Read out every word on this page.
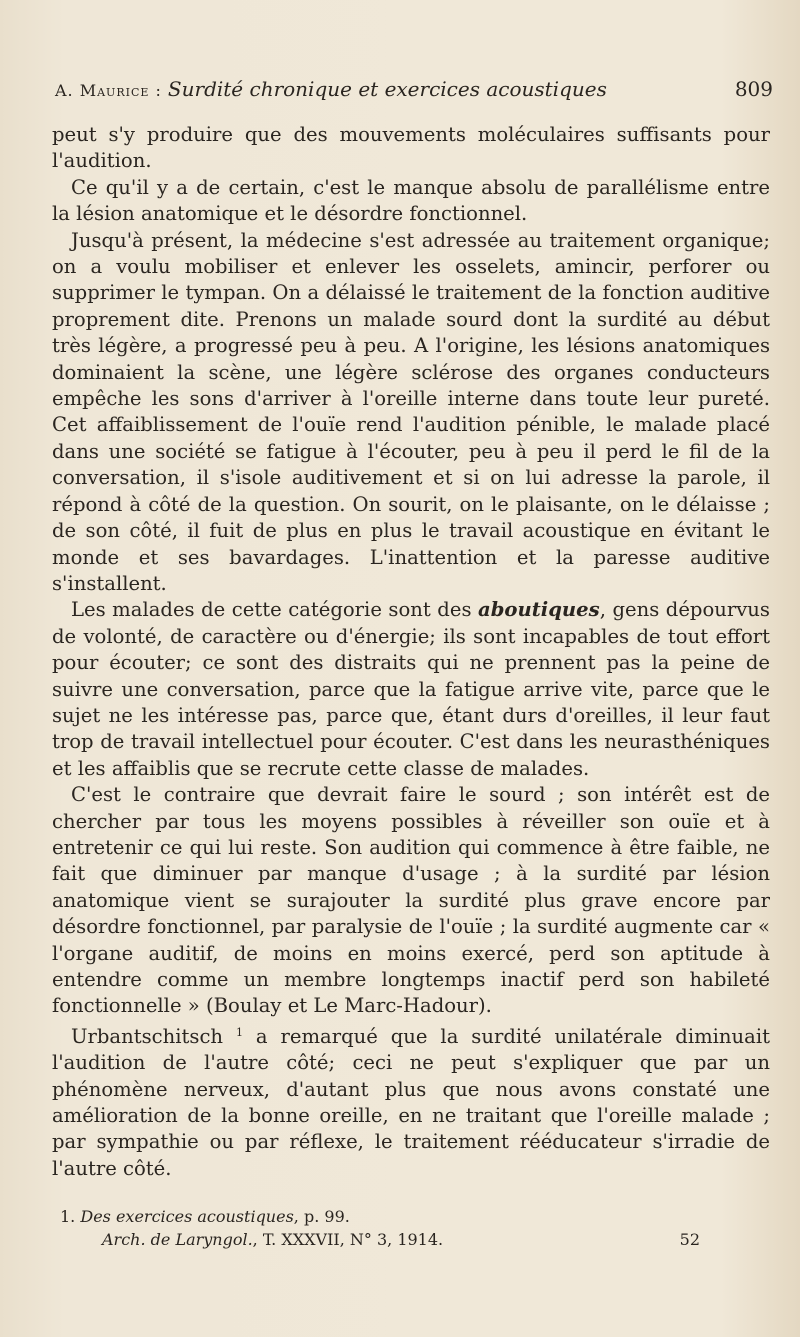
A. Maurice : Surdité chronique et exercices acoustiques	809

peut s'y produire que des mouvements moléculaires suffisants pour l'audition.

Ce qu'il y a de certain, c'est le manque absolu de parallélisme entre la lésion anatomique et le désordre fonctionnel.

Jusqu'à présent, la médecine s'est adressée au traitement organique; on a voulu mobiliser et enlever les osselets, amincir, perforer ou supprimer le tympan. On a délaissé le traitement de la fonction auditive proprement dite. Prenons un malade sourd dont la surdité au début très légère, a progressé peu à peu. A l'origine, les lésions anatomiques dominaient la scène, une légère sclérose des organes conducteurs empêche les sons d'arriver à l'oreille interne dans toute leur pureté. Cet affaiblissement de l'ouïe rend l'audition pénible, le malade placé dans une société se fatigue à l'écouter, peu à peu il perd le fil de la conversation, il s'isole auditivement et si on lui adresse la parole, il répond à côté de la question. On sourit, on le plaisante, on le délaisse ; de son côté, il fuit de plus en plus le travail acoustique en évitant le monde et ses bavardages. L'inattention et la paresse auditive s'installent.

Les malades de cette catégorie sont des aboutiques, gens dépourvus de volonté, de caractère ou d'énergie; ils sont incapables de tout effort pour écouter; ce sont des distraits qui ne prennent pas la peine de suivre une conversation, parce que la fatigue arrive vite, parce que le sujet ne les intéresse pas, parce que, étant durs d'oreilles, il leur faut trop de travail intellectuel pour écouter. C'est dans les neurasthéniques et les affaiblis que se recrute cette classe de malades.

C'est le contraire que devrait faire le sourd ; son intérêt est de chercher par tous les moyens possibles à réveiller son ouïe et à entretenir ce qui lui reste. Son audition qui commence à être faible, ne fait que diminuer par manque d'usage ; à la surdité par lésion anatomique vient se surajouter la surdité plus grave encore par désordre fonctionnel, par paralysie de l'ouïe ; la surdité augmente car « l'organe auditif, de moins en moins exercé, perd son aptitude à entendre comme un membre longtemps inactif perd son habileté fonctionnelle » (Boulay et Le Marc-Hadour).

Urbantschitsch $^1$ a remarqué que la surdité unilatérale diminuait l'audition de l'autre côté; ceci ne peut s'expliquer que par un phénomène nerveux, d'autant plus que nous avons constaté une amélioration de la bonne oreille, en ne traitant que l'oreille malade ; par sympathie ou par réflexe, le traitement rééducateur s'irradie de l'autre côté.

1. Des exercices acoustiques, p. 99.
Arch. de Laryngol., T. XXXVII, N° 3, 1914.	52
